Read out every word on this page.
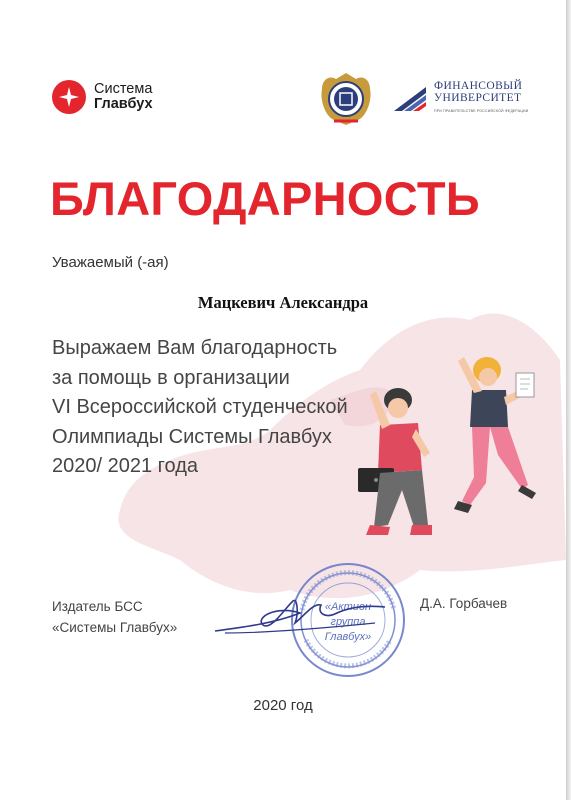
Система
Главбух
ФИНАНСОВЫЙ
УНИВЕРСИТЕТ
ПРИ ПРАВИТЕЛЬСТВЕ РОССИЙСКОЙ ФЕДЕРАЦИИ
БЛАГОДАРНОСТЬ
Уважаемый (-ая)
Мацкевич Александра
Выражаем Вам благодарность
за помощь в организации
VI Всероссийской студенческой
Олимпиады Системы Главбух
2020/ 2021 года
«Актион
группа
Главбух»
Издатель БСС
«Системы Главбух»
Д.А. Горбачев
2020 год
